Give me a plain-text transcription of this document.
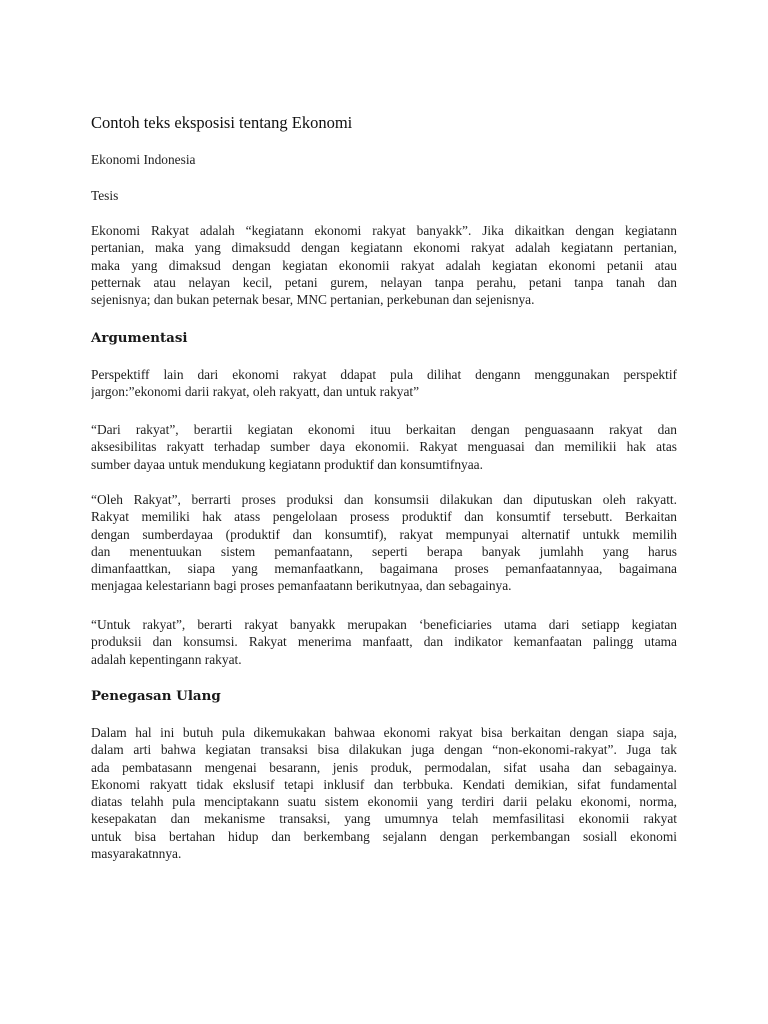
Contoh teks eksposisi tentang Ekonomi

Ekonomi Indonesia

Tesis

Ekonomi Rakyat adalah “kegiatann ekonomi rakyat banyakk”. Jika dikaitkan dengan kegiatann
pertanian, maka yang dimaksudd dengan kegiatann ekonomi rakyat adalah kegiatann pertanian,
maka yang dimaksud dengan kegiatan ekonomii rakyat adalah kegiatan ekonomi petanii atau
petternak atau nelayan kecil, petani gurem, nelayan tanpa perahu, petani tanpa tanah dan
sejenisnya; dan bukan peternak besar, MNC pertanian, perkebunan dan sejenisnya.
Argumentasi
Perspektiff lain dari ekonomi rakyat ddapat pula dilihat dengann menggunakan perspektif
jargon:”ekonomi darii rakyat, oleh rakyatt, dan untuk rakyat”
“Dari rakyat”, berartii kegiatan ekonomi ituu berkaitan dengan penguasaann rakyat dan
aksesibilitas rakyatt terhadap sumber daya ekonomii. Rakyat menguasai dan memilikii hak atas
sumber dayaa untuk mendukung kegiatann produktif dan konsumtifnyaa.
“Oleh Rakyat”, berrarti proses produksi dan konsumsii dilakukan dan diputuskan oleh rakyatt.
Rakyat memiliki hak atass pengelolaan prosess produktif dan konsumtif tersebutt. Berkaitan
dengan sumberdayaa (produktif dan konsumtif), rakyat mempunyai alternatif untukk memilih
dan menentuukan sistem pemanfaatann, seperti berapa banyak jumlahh yang harus
dimanfaattkan, siapa yang memanfaatkann, bagaimana proses pemanfaatannyaa, bagaimana
menjagaa kelestariann bagi proses pemanfaatann berikutnyaa, dan sebagainya.
“Untuk rakyat”, berarti rakyat banyakk merupakan ‘beneficiaries utama dari setiapp kegiatan
produksii dan konsumsi. Rakyat menerima manfaatt, dan indikator kemanfaatan palingg utama
adalah kepentingann rakyat.
Penegasan Ulang
Dalam hal ini butuh pula dikemukakan bahwaa ekonomi rakyat bisa berkaitan dengan siapa saja,
dalam arti bahwa kegiatan transaksi bisa dilakukan juga dengan “non-ekonomi-rakyat”. Juga tak
ada pembatasann mengenai besarann, jenis produk, permodalan, sifat usaha dan sebagainya.
Ekonomi rakyatt tidak ekslusif tetapi inklusif dan terbbuka. Kendati demikian, sifat fundamental
diatas telahh pula menciptakann suatu sistem ekonomii yang terdiri darii pelaku ekonomi, norma,
kesepakatan dan mekanisme transaksi, yang umumnya telah memfasilitasi ekonomii rakyat
untuk bisa bertahan hidup dan berkembang sejalann dengan perkembangan sosiall ekonomi
masyarakatnnya.
